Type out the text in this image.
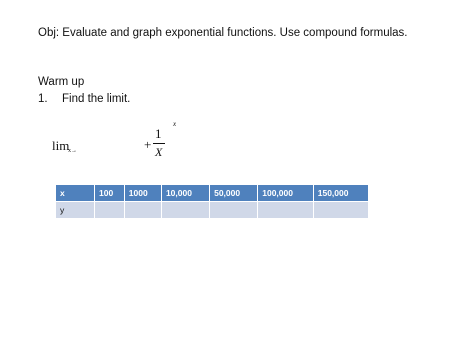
Obj: Evaluate and graph exponential functions. Use compound formulas.
Warm up
1.	Find the limit.
lim
x→	+
1
X
x
x	100	1000	10,000	50,000	100,000	150,000
y						
